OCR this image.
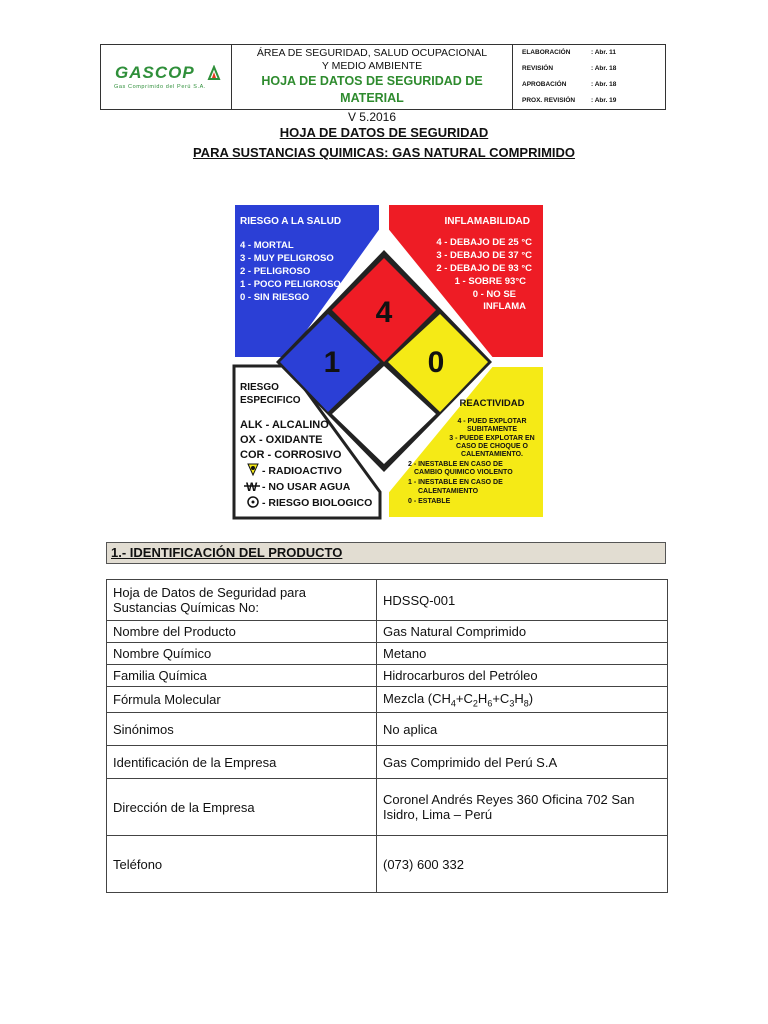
GASCOP
Gas Comprimido del Perú S.A.
ÁREA DE SEGURIDAD, SALUD OCUPACIONAL
Y MEDIO AMBIENTE
HOJA DE DATOS DE SEGURIDAD DE MATERIAL
V 5.2016
ELABORACIÓN	: Abr. 11
REVISIÓN	: Abr. 18
APROBACIÓN	: Abr. 18
PROX. REVISIÓN : Abr. 19
HOJA DE DATOS DE SEGURIDAD
PARA SUSTANCIAS QUIMICAS: GAS NATURAL COMPRIMIDO
4
1	0
RIESGO A LA SALUD
4 - MORTAL
3 - MUY PELIGROSO
2 - PELIGROSO
1 - POCO PELIGROSO
0 - SIN RIESGO
INFLAMABILIDAD
4 - DEBAJO DE 25 °C
3 - DEBAJO DE 37 °C
2 - DEBAJO DE 93 °C
1 - SOBRE 93°C
0 - NO SE
INFLAMA
RIESGO
ESPECIFICO
ALK - ALCALINO
OX - OXIDANTE
COR - CORROSIVO
- RADIOACTIVO
- NO USAR AGUA
- RIESGO BIOLOGICO
W
REACTIVIDAD
4 - PUED EXPLOTAR
SUBITAMENTE
3 - PUEDE EXPLOTAR EN
CASO DE CHOQUE O
CALENTAMIENTO.
2 - INESTABLE EN CASO DE
CAMBIO QUIMICO VIOLENTO
1 - INESTABLE EN CASO DE
CALENTAMIENTO
0 - ESTABLE
1.- IDENTIFICACIÓN DEL PRODUCTO
Hoja de Datos de Seguridad para Sustancias Químicas No:	HDSSQ-001
Nombre del Producto	Gas Natural Comprimido
Nombre Químico	Metano
Familia Química	Hidrocarburos del Petróleo
Fórmula Molecular	Mezcla $(CH_4+C_2H_6+C_3H_8)$
Sinónimos	No aplica
Identificación de la Empresa	Gas Comprimido del Perú S.A
Dirección de la Empresa	Coronel Andrés Reyes 360 Oficina 702 San Isidro, Lima – Perú
Teléfono	(073) 600 332
